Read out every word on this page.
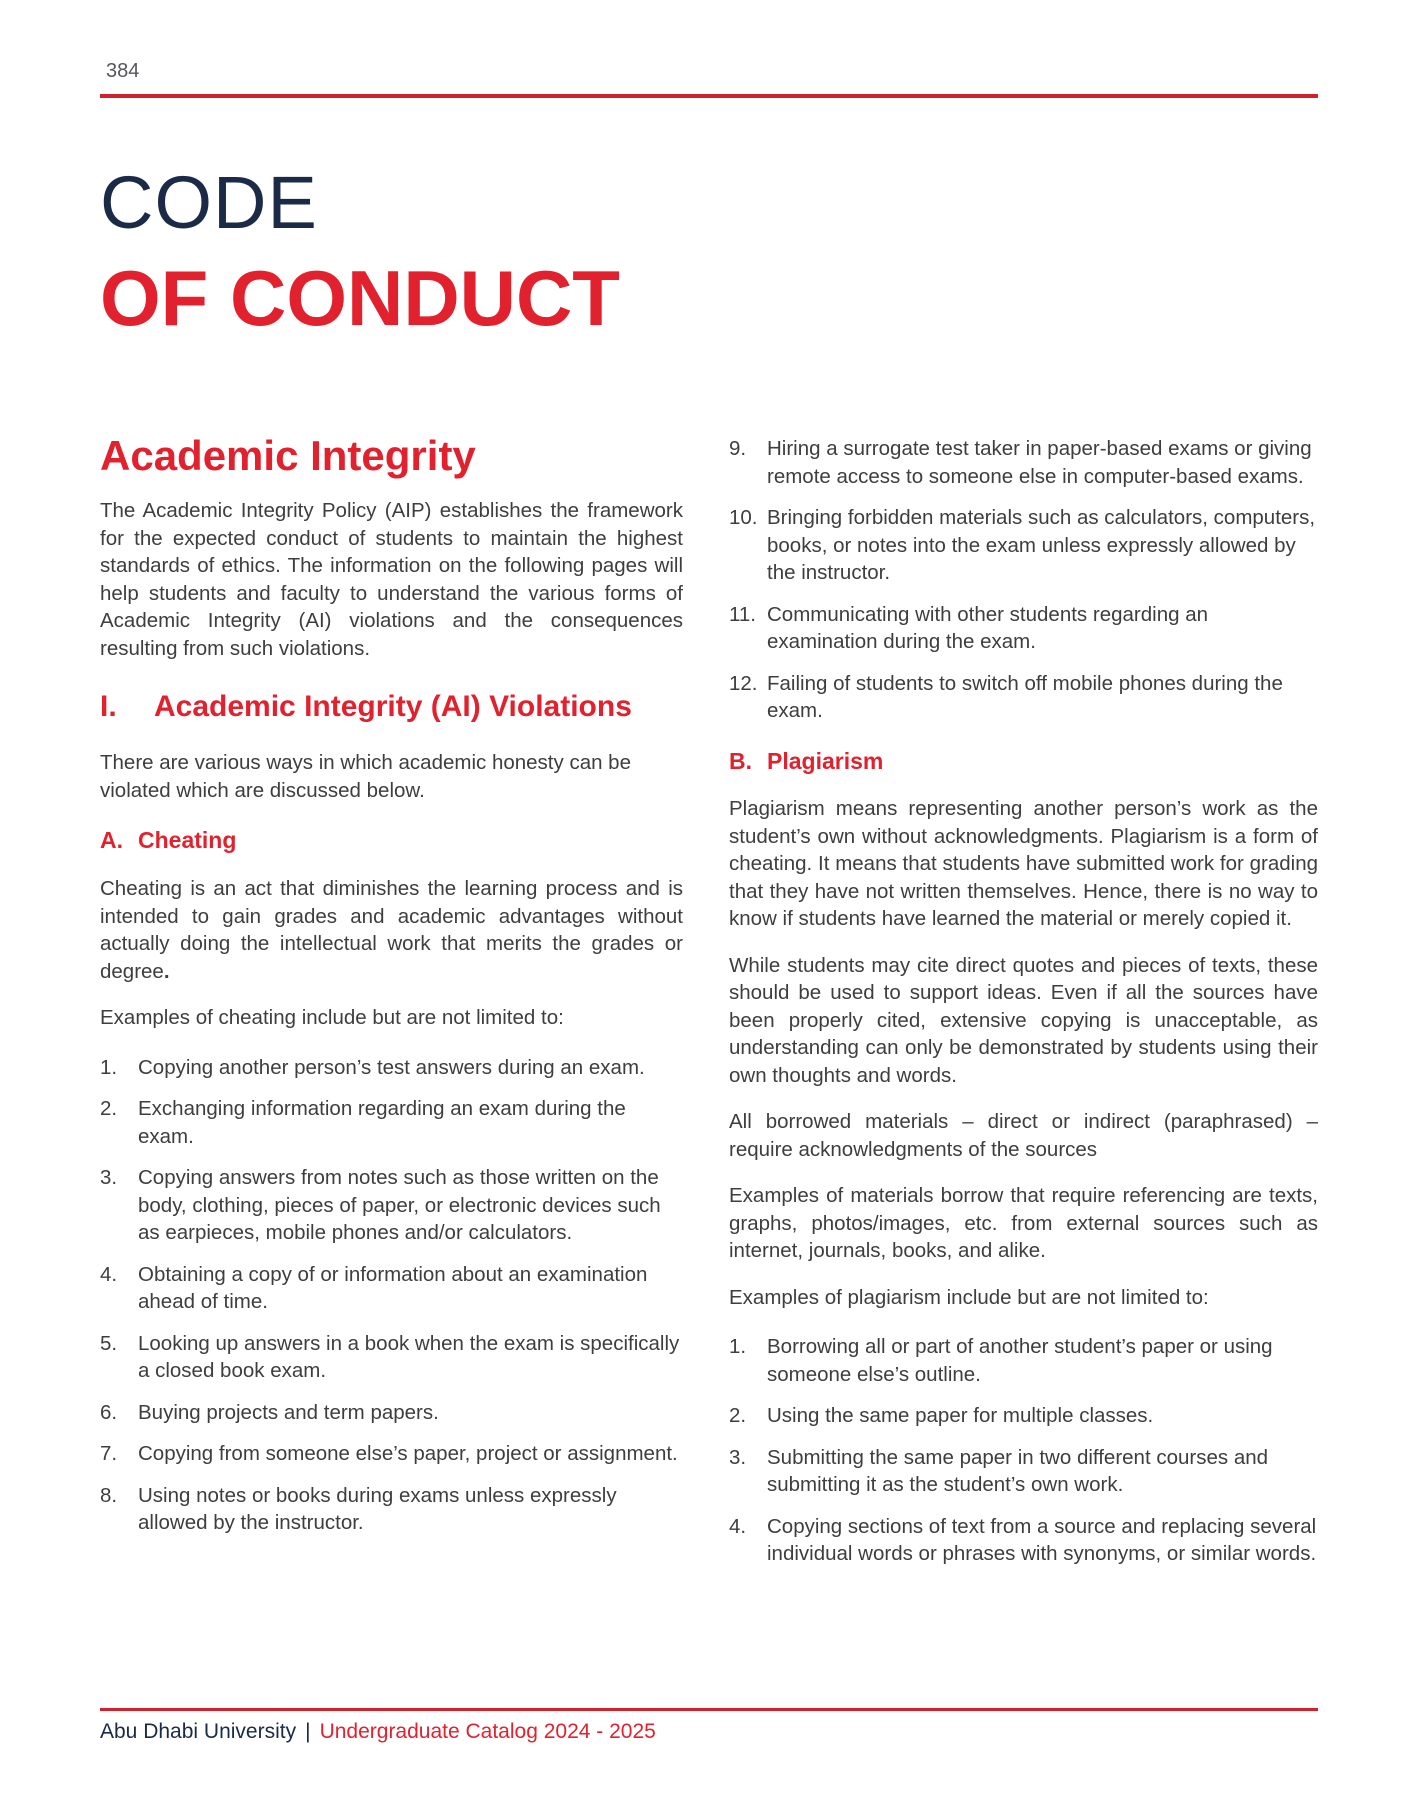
384
CODE
OF CONDUCT
Academic Integrity

The Academic Integrity Policy (AIP) establishes the framework for the expected conduct of students to maintain the highest standards of ethics. The information on the following pages will help students and faculty to understand the various forms of Academic Integrity (AI) violations and the consequences resulting from such violations.

I.	Academic Integrity (AI) Violations

There are various ways in which academic honesty can be violated which are discussed below.

A. Cheating

Cheating is an act that diminishes the learning process and is intended to gain grades and academic advantages without actually doing the intellectual work that merits the grades or degree.

Examples of cheating include but are not limited to:

1.	Copying another person’s test answers during an exam.
2.	Exchanging information regarding an exam during the exam.
3.	Copying answers from notes such as those written on the body, clothing, pieces of paper, or electronic devices such as earpieces, mobile phones and/or calculators.
4.	Obtaining a copy of or information about an examination ahead of time.
5.	Looking up answers in a book when the exam is specifically a closed book exam.
6.	Buying projects and term papers.
7.	Copying from someone else’s paper, project or assignment.
8.	Using notes or books during exams unless expressly allowed by the instructor.
9.	Hiring a surrogate test taker in paper-based exams or giving remote access to someone else in computer-based exams.
10. Bringing forbidden materials such as calculators, computers, books, or notes into the exam unless expressly allowed by the instructor.
11. Communicating with other students regarding an examination during the exam.
12. Failing of students to switch off mobile phones during the exam.
B. Plagiarism

Plagiarism means representing another person’s work as the student’s own without acknowledgments. Plagiarism is a form of cheating. It means that students have submitted work for grading that they have not written themselves. Hence, there is no way to know if students have learned the material or merely copied it.

While students may cite direct quotes and pieces of texts, these should be used to support ideas. Even if all the sources have been properly cited, extensive copying is unacceptable, as understanding can only be demonstrated by students using their own thoughts and words.

All borrowed materials – direct or indirect (paraphrased) – require acknowledgments of the sources

Examples of materials borrow that require referencing are texts, graphs, photos/images, etc. from external sources such as internet, journals, books, and alike.

Examples of plagiarism include but are not limited to:

1.	Borrowing all or part of another student’s paper or using someone else’s outline.
2.	Using the same paper for multiple classes.
3.	Submitting the same paper in two different courses and submitting it as the student’s own work.
4.	Copying sections of text from a source and replacing several individual words or phrases with synonyms, or similar words.
Abu Dhabi University | Undergraduate Catalog 2024 - 2025
